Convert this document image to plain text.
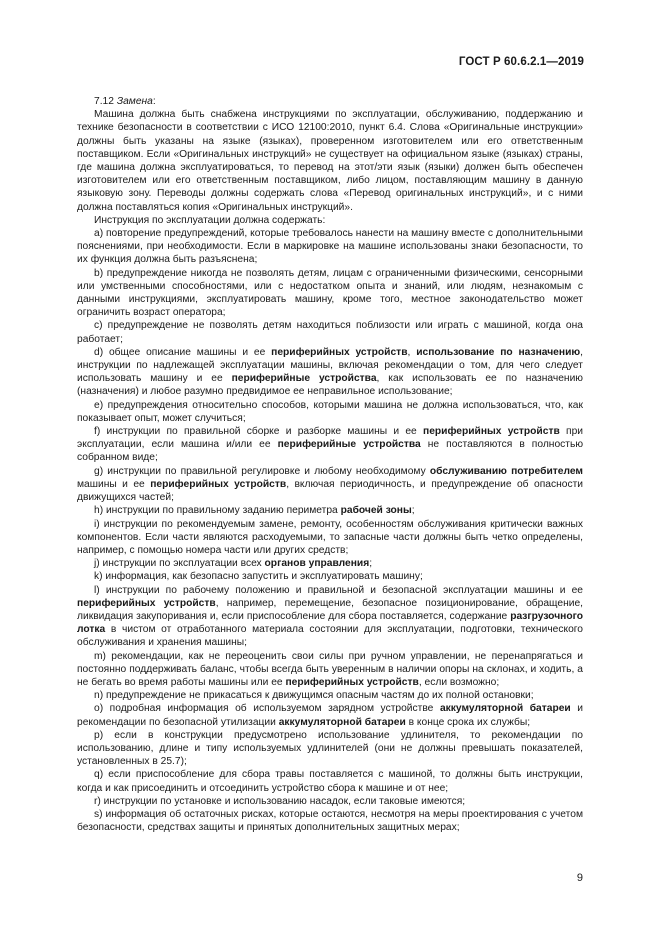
ГОСТ Р 60.6.2.1—2019

7.12 Замена:

Машина должна быть снабжена инструкциями по эксплуатации, обслуживанию, поддержанию и техникe безопасности в соответствии с ИСО 12100:2010, пункт 6.4. Слова «Оригинальные инструкции» должны быть указаны на языке (языках), проверенном изготовителем или его ответственным поставщиком. Если «Оригинальных инструкций» не существует на официальном языке (языках) страны, где машина должна эксплуатироваться, то перевод на этот/эти язык (языки) должен быть обеспечен изготовителем или его ответственным поставщиком, либо лицом, поставляющим машину в данную языковую зону. Переводы должны содержать слова «Перевод оригинальных инструкций», и с ними должна поставляться копия «Оригинальных инструкций».

Инструкция по эксплуатации должна содержать:

а) повторение предупреждений, которые требовалось нанести на машину вместе с дополнительными пояснениями, при необходимости. Если в маркировке на машине использованы знаки безопасности, то их функция должна быть разъяснена;

b) предупреждение никогда не позволять детям, лицам с ограниченными физическими, сенсорными или умственными способностями, или с недостатком опыта и знаний, или людям, незнакомым с данными инструкциями, эксплуатировать машину, кроме того, местное законодательство может ограничить возраст оператора;

c) предупреждение не позволять детям находиться поблизости или играть с машиной, когда она работает;

d) общее описание машины и ее периферийных устройств, использование по назначению, инструкции по надлежащей эксплуатации машины, включая рекомендации о том, для чего следует использовать машину и ее периферийные устройства, как использовать ее по назначению (назначения) и любое разумно предвидимое ее неправильное использование;

e) предупреждения относительно способов, которыми машина не должна использоваться, что, как показывает опыт, может случиться;

f) инструкции по правильной сборке и разборке машины и ее периферийных устройств при эксплуатации, если машина и/или ее периферийные устройства не поставляются в полностью собранном виде;

g) инструкции по правильной регулировке и любому необходимому обслуживанию потребителем машины и ее периферийных устройств, включая периодичность, и предупреждение об опасности движущихся частей;

h) инструкции по правильному заданию периметра рабочей зоны;

i) инструкции по рекомендуемым замене, ремонту, особенностям обслуживания критически важных компонентов. Если части являются расходуемыми, то запасные части должны быть четко определены, например, с помощью номера части или других средств;

j) инструкции по эксплуатации всех органов управления;

k) информация, как безопасно запустить и эксплуатировать машину;

l) инструкции по рабочему положению и правильной и безопасной эксплуатации машины и ее периферийных устройств, например, перемещение, безопасное позиционирование, обращение, ликвидация закупоривания и, если приспособление для сбора поставляется, содержание разгрузочного лотка в чистом от отработанного материала состоянии для эксплуатации, подготовки, технического обслуживания и хранения машины;

m) рекомендации, как не переоценить свои силы при ручном управлении, не перенапрягаться и постоянно поддерживать баланс, чтобы всегда быть уверенным в наличии опоры на склонах, и ходить, а не бегать во время работы машины или ее периферийных устройств, если возможно;

n) предупреждение не прикасаться к движущимся опасным частям до их полной остановки;

o) подробная информация об используемом зарядном устройстве аккумуляторной батареи и рекомендации по безопасной утилизации аккумуляторной батареи в конце срока их службы;

p) если в конструкции предусмотрено использование удлинителя, то рекомендации по использованию, длине и типу используемых удлинителей (они не должны превышать показателей, установленных в 25.7);

q) если приспособление для сбора травы поставляется с машиной, то должны быть инструкции, когда и как присоединить и отсоединить устройство сбора к машине и от нее;

r) инструкции по установке и использованию насадок, если таковые имеются;

s) информация об остаточных рисках, которые остаются, несмотря на меры проектирования с учетом безопасности, средствах защиты и принятых дополнительных защитных мерах;

9
